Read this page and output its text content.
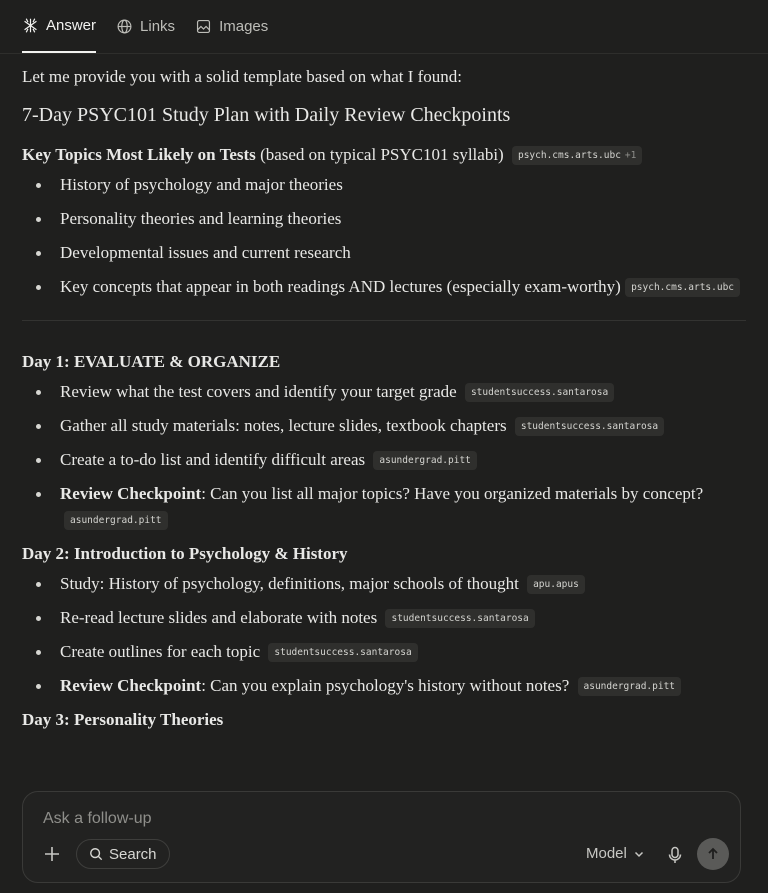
Answer	Links	Images

Let me provide you with a solid template based on what I found:

7-Day PSYC101 Study Plan with Daily Review Checkpoints

Key Topics Most Likely on Tests (based on typical PSYC101 syllabi) psych.cms.arts.ubc +1

History of psychology and major theories
Personality theories and learning theories
Developmental issues and current research
Key concepts that appear in both readings AND lectures (especially exam-worthy) psych.cms.arts.ubc
Day 1: EVALUATE & ORGANIZE
Review what the test covers and identify your target grade studentsuccess.santarosa
Gather all study materials: notes, lecture slides, textbook chapters studentsuccess.santarosa
Create a to-do list and identify difficult areas asundergrad.pitt
Review Checkpoint: Can you list all major topics? Have you organized materials by concept? asundergrad.pitt
Day 2: Introduction to Psychology & History
Study: History of psychology, definitions, major schools of thought apu.apus
Re-read lecture slides and elaborate with notes studentsuccess.santarosa
Create outlines for each topic studentsuccess.santarosa
Review Checkpoint: Can you explain psychology's history without notes? asundergrad.pitt
Day 3: Personality Theories
Ask a follow-up
Search	Model
